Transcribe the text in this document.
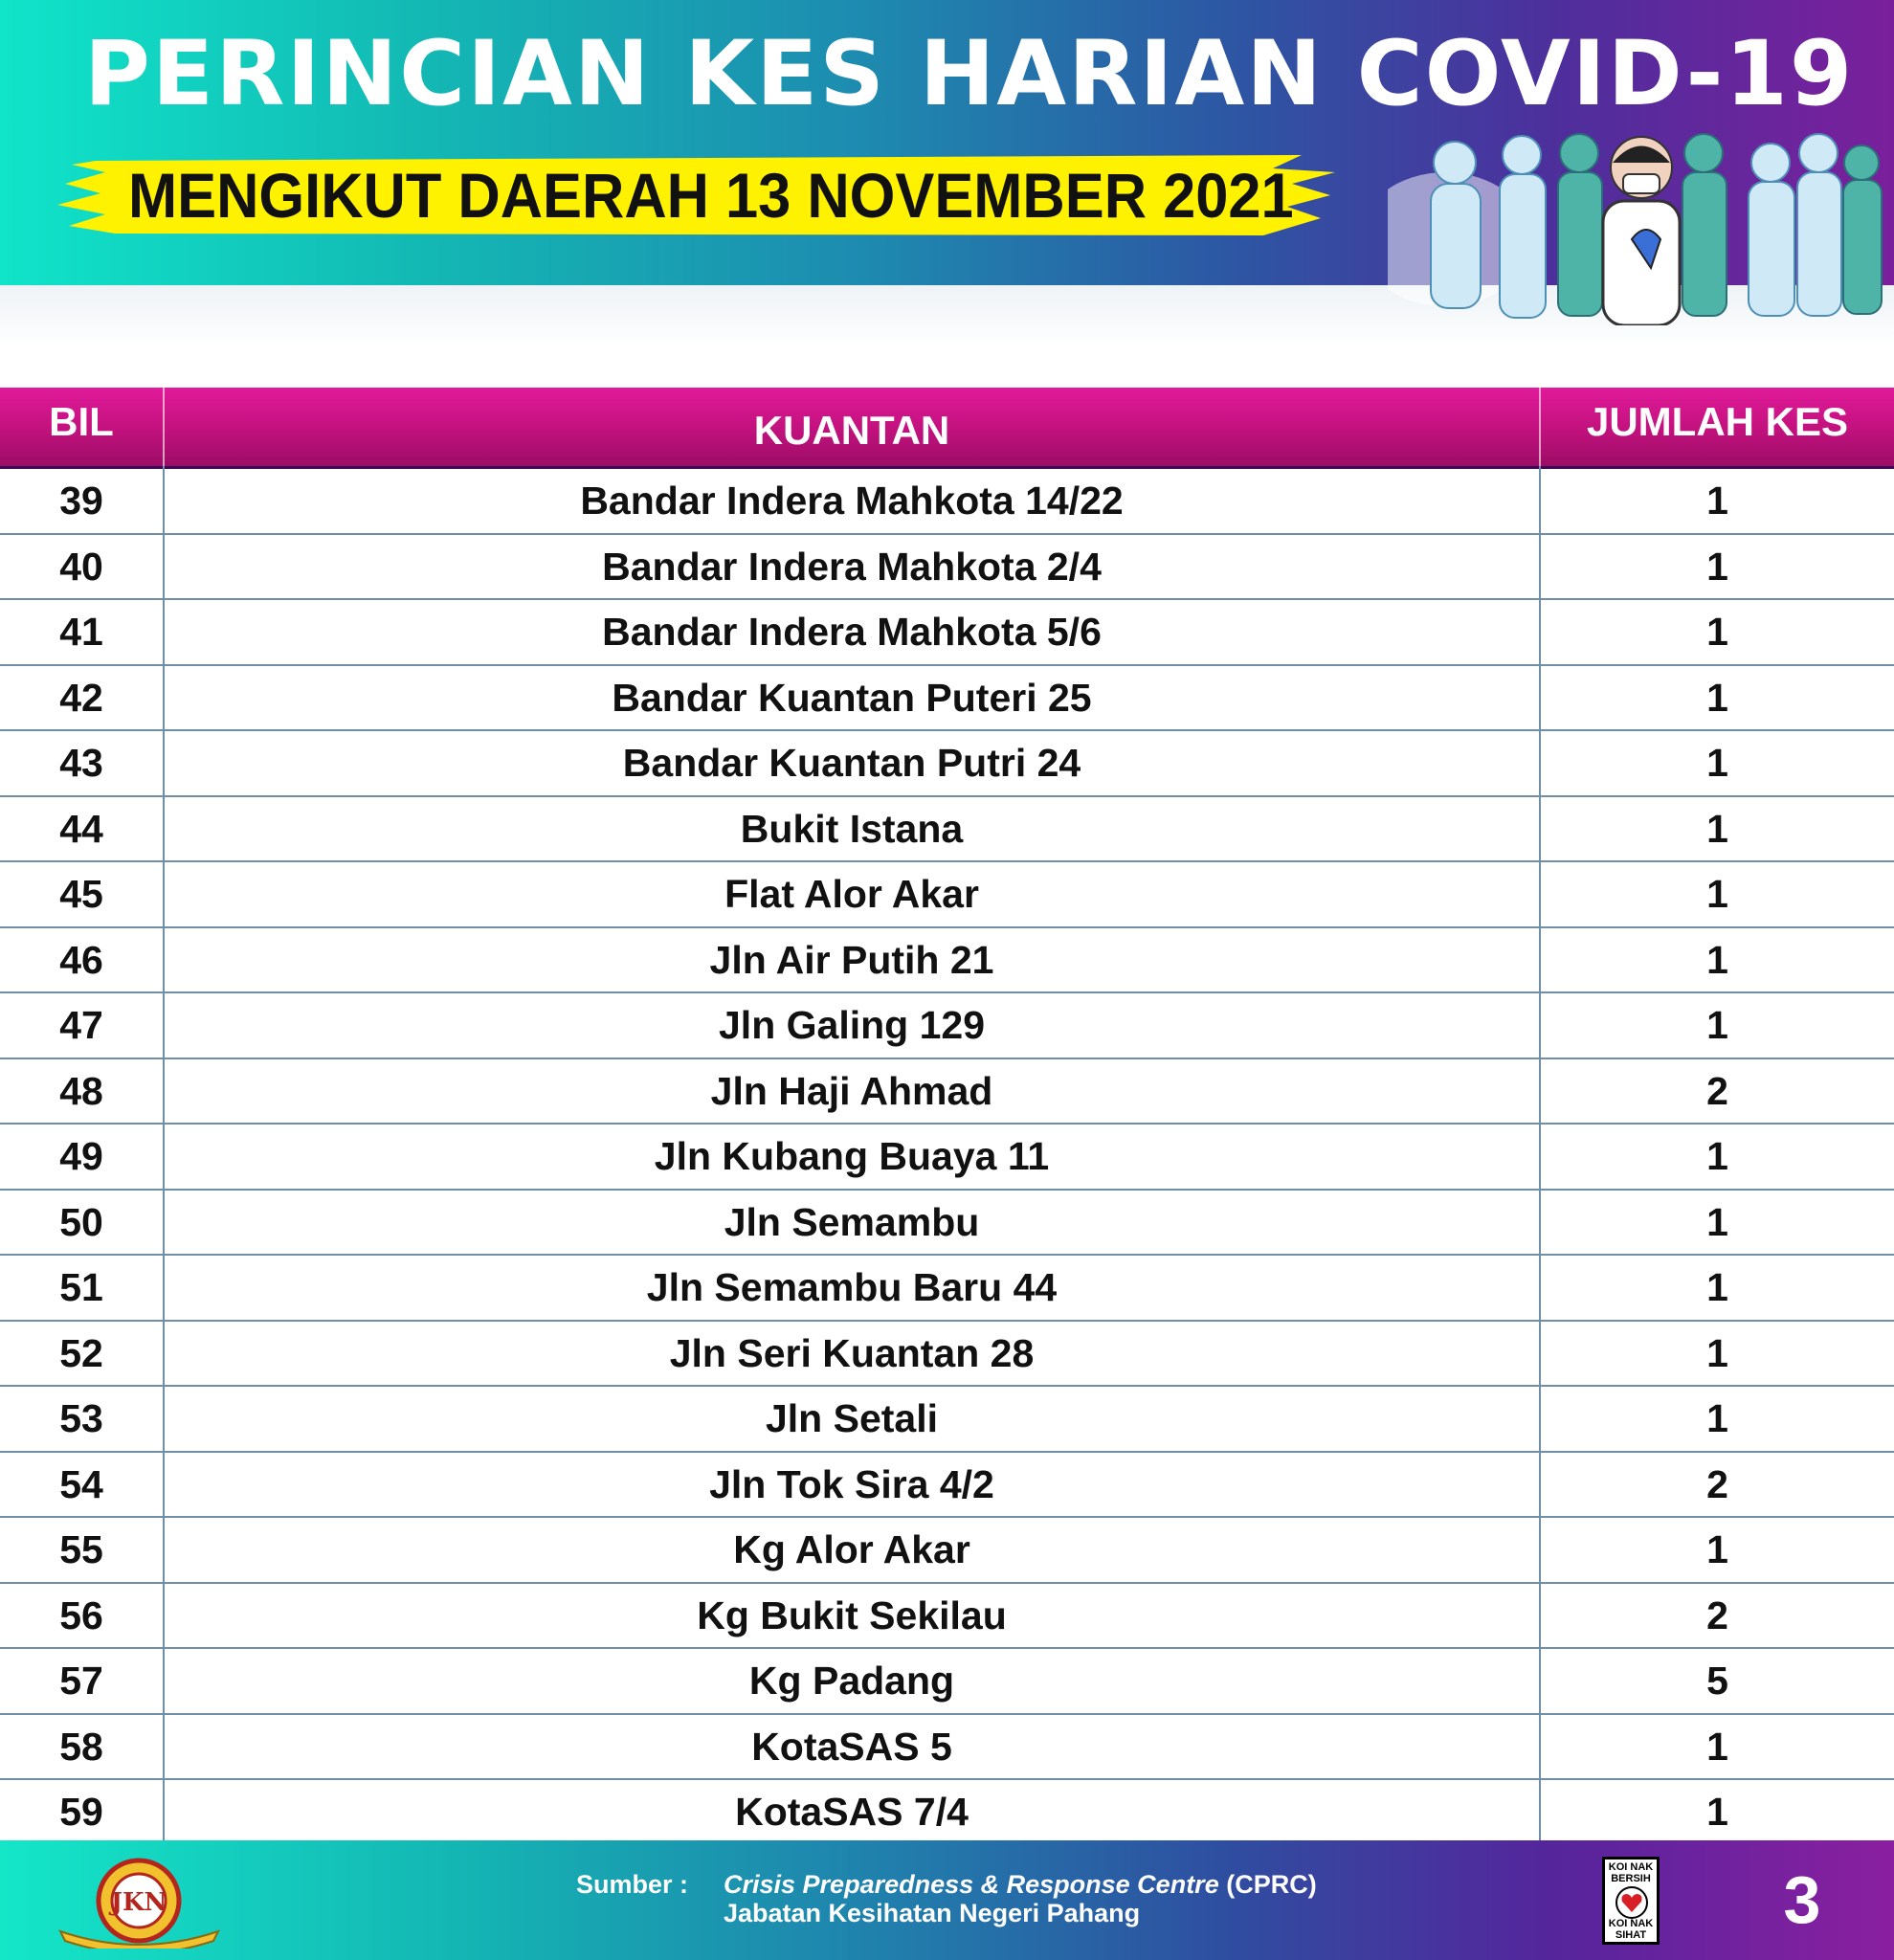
PERINCIAN KES HARIAN COVID-19
MENGIKUT DAERAH 13 NOVEMBER 2021
BIL	KUANTAN	JUMLAH KES
39	Bandar Indera Mahkota 14/22	1
40	Bandar Indera Mahkota 2/4	1
41	Bandar Indera Mahkota 5/6	1
42	Bandar Kuantan Puteri 25	1
43	Bandar Kuantan Putri 24	1
44	Bukit Istana	1
45	Flat Alor Akar	1
46	Jln Air Putih 21	1
47	Jln Galing 129	1
48	Jln Haji Ahmad	2
49	Jln Kubang Buaya 11	1
50	Jln Semambu	1
51	Jln Semambu Baru 44	1
52	Jln Seri Kuantan 28	1
53	Jln Setali	1
54	Jln Tok Sira 4/2	2
55	Kg Alor Akar	1
56	Kg Bukit Sekilau	2
57	Kg Padang	5
58	KotaSAS 5	1
59	KotaSAS 7/4	1
JKN
Sumber : Crisis Preparedness & Response Centre (CPRC)
Jabatan Kesihatan Negeri Pahang
KOI NAK BERSIH
KOI NAK SIHAT	3
